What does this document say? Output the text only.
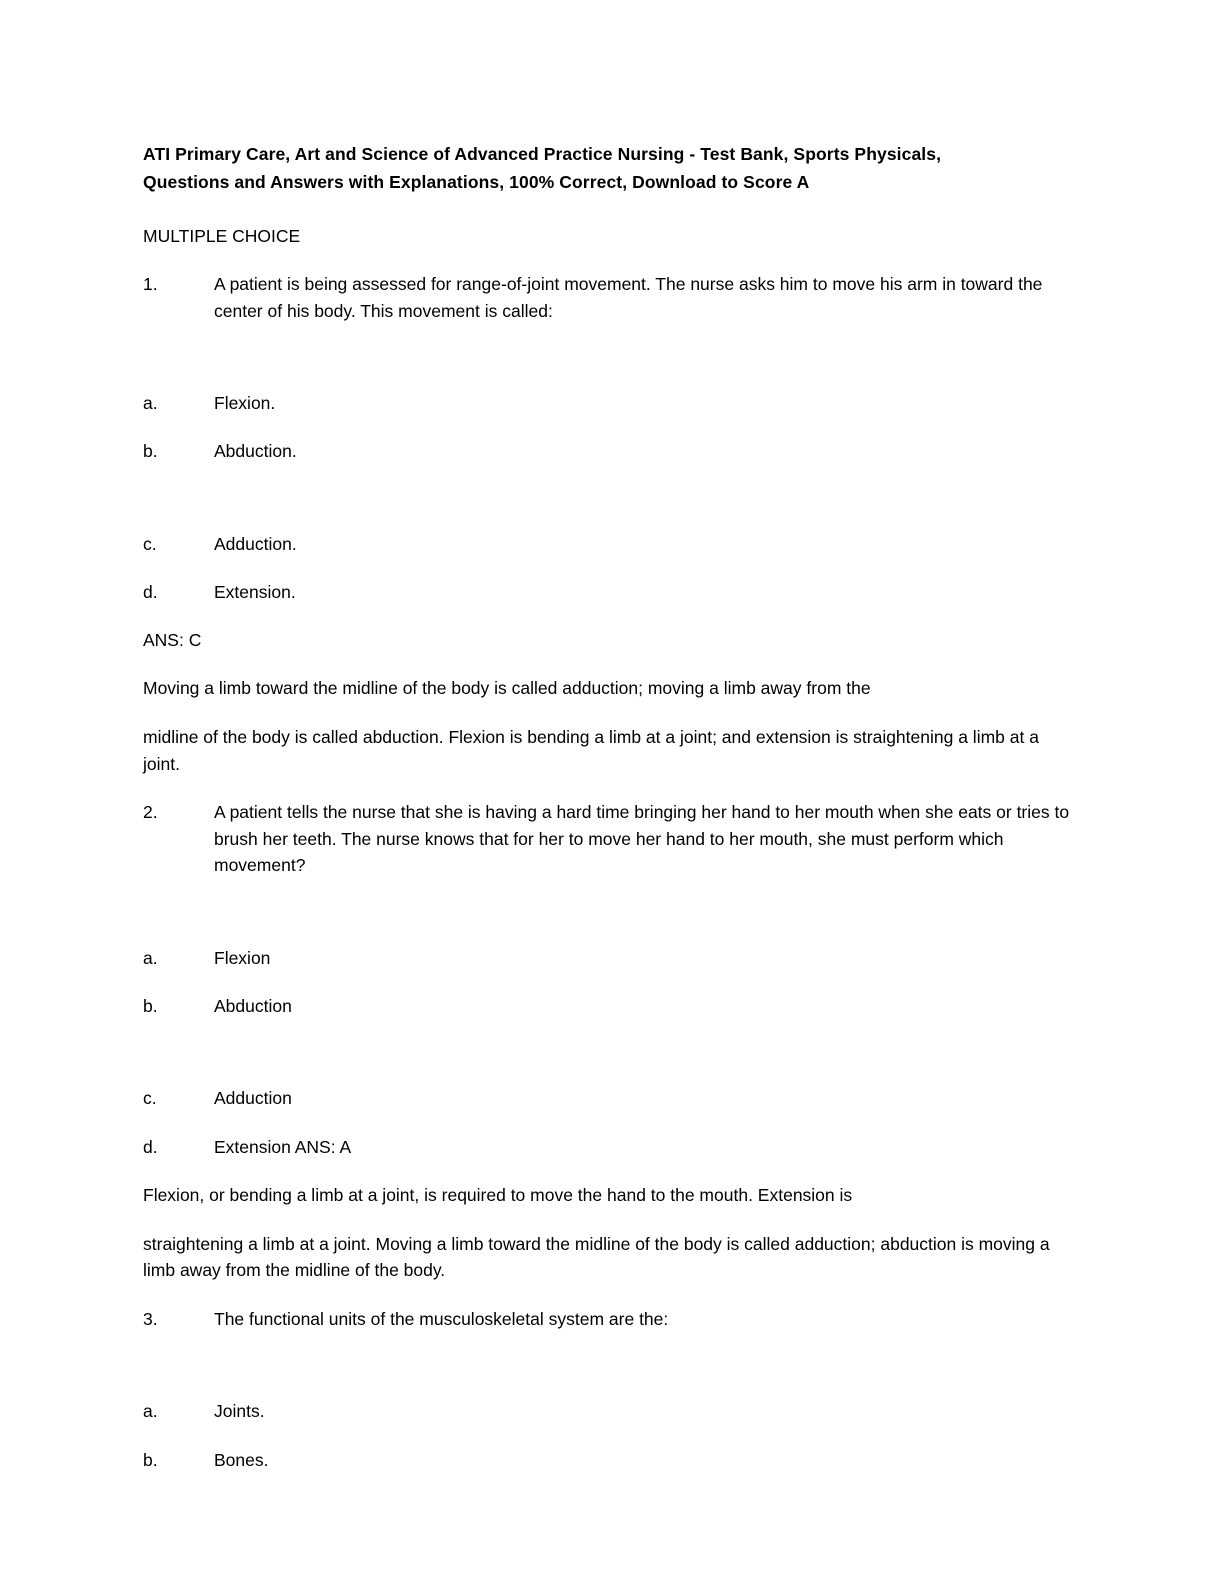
ATI Primary Care, Art and Science of Advanced Practice Nursing - Test Bank, Sports Physicals, Questions and Answers with Explanations, 100% Correct, Download to Score A
MULTIPLE CHOICE
1.	A patient is being assessed for range-of-joint movement. The nurse asks him to move his arm in toward the center of his body. This movement is called:
a.	Flexion.
b.	Abduction.
c.	Adduction.
d.	Extension.
ANS: C
Moving a limb toward the midline of the body is called adduction; moving a limb away from the
midline of the body is called abduction. Flexion is bending a limb at a joint; and extension is straightening a limb at a joint.
2.	A patient tells the nurse that she is having a hard time bringing her hand to her mouth when she eats or tries to brush her teeth. The nurse knows that for her to move her hand to her mouth, she must perform which movement?
a.	Flexion
b.	Abduction
c.	Adduction
d.	Extension ANS: A
Flexion, or bending a limb at a joint, is required to move the hand to the mouth. Extension is
straightening a limb at a joint. Moving a limb toward the midline of the body is called adduction; abduction is moving a limb away from the midline of the body.
3.	The functional units of the musculoskeletal system are the:
a.	Joints.
b.	Bones.
